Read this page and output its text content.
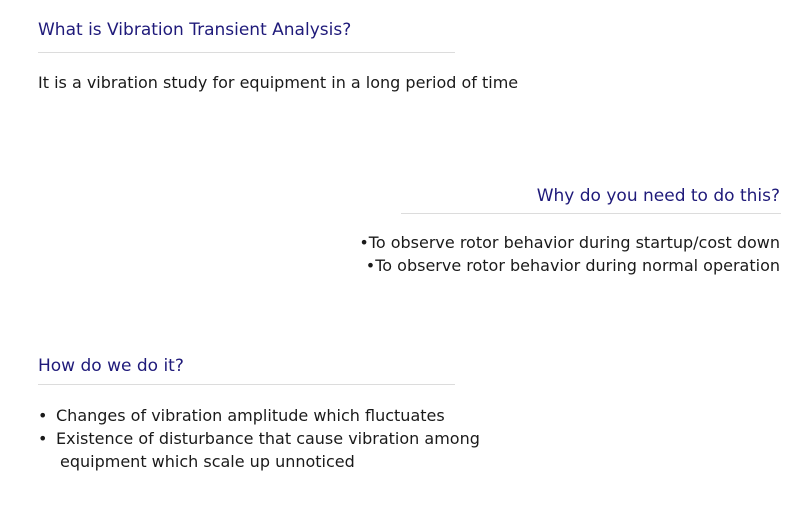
What is Vibration Transient Analysis?

It is a vibration study for equipment in a long period of time

Why do you need to do this?
•To observe rotor behavior during startup/cost down
•To observe rotor behavior during normal operation
How do we do it?
• Changes of vibration amplitude which fluctuates
• Existence of disturbance that cause vibration among
equipment which scale up unnoticed
